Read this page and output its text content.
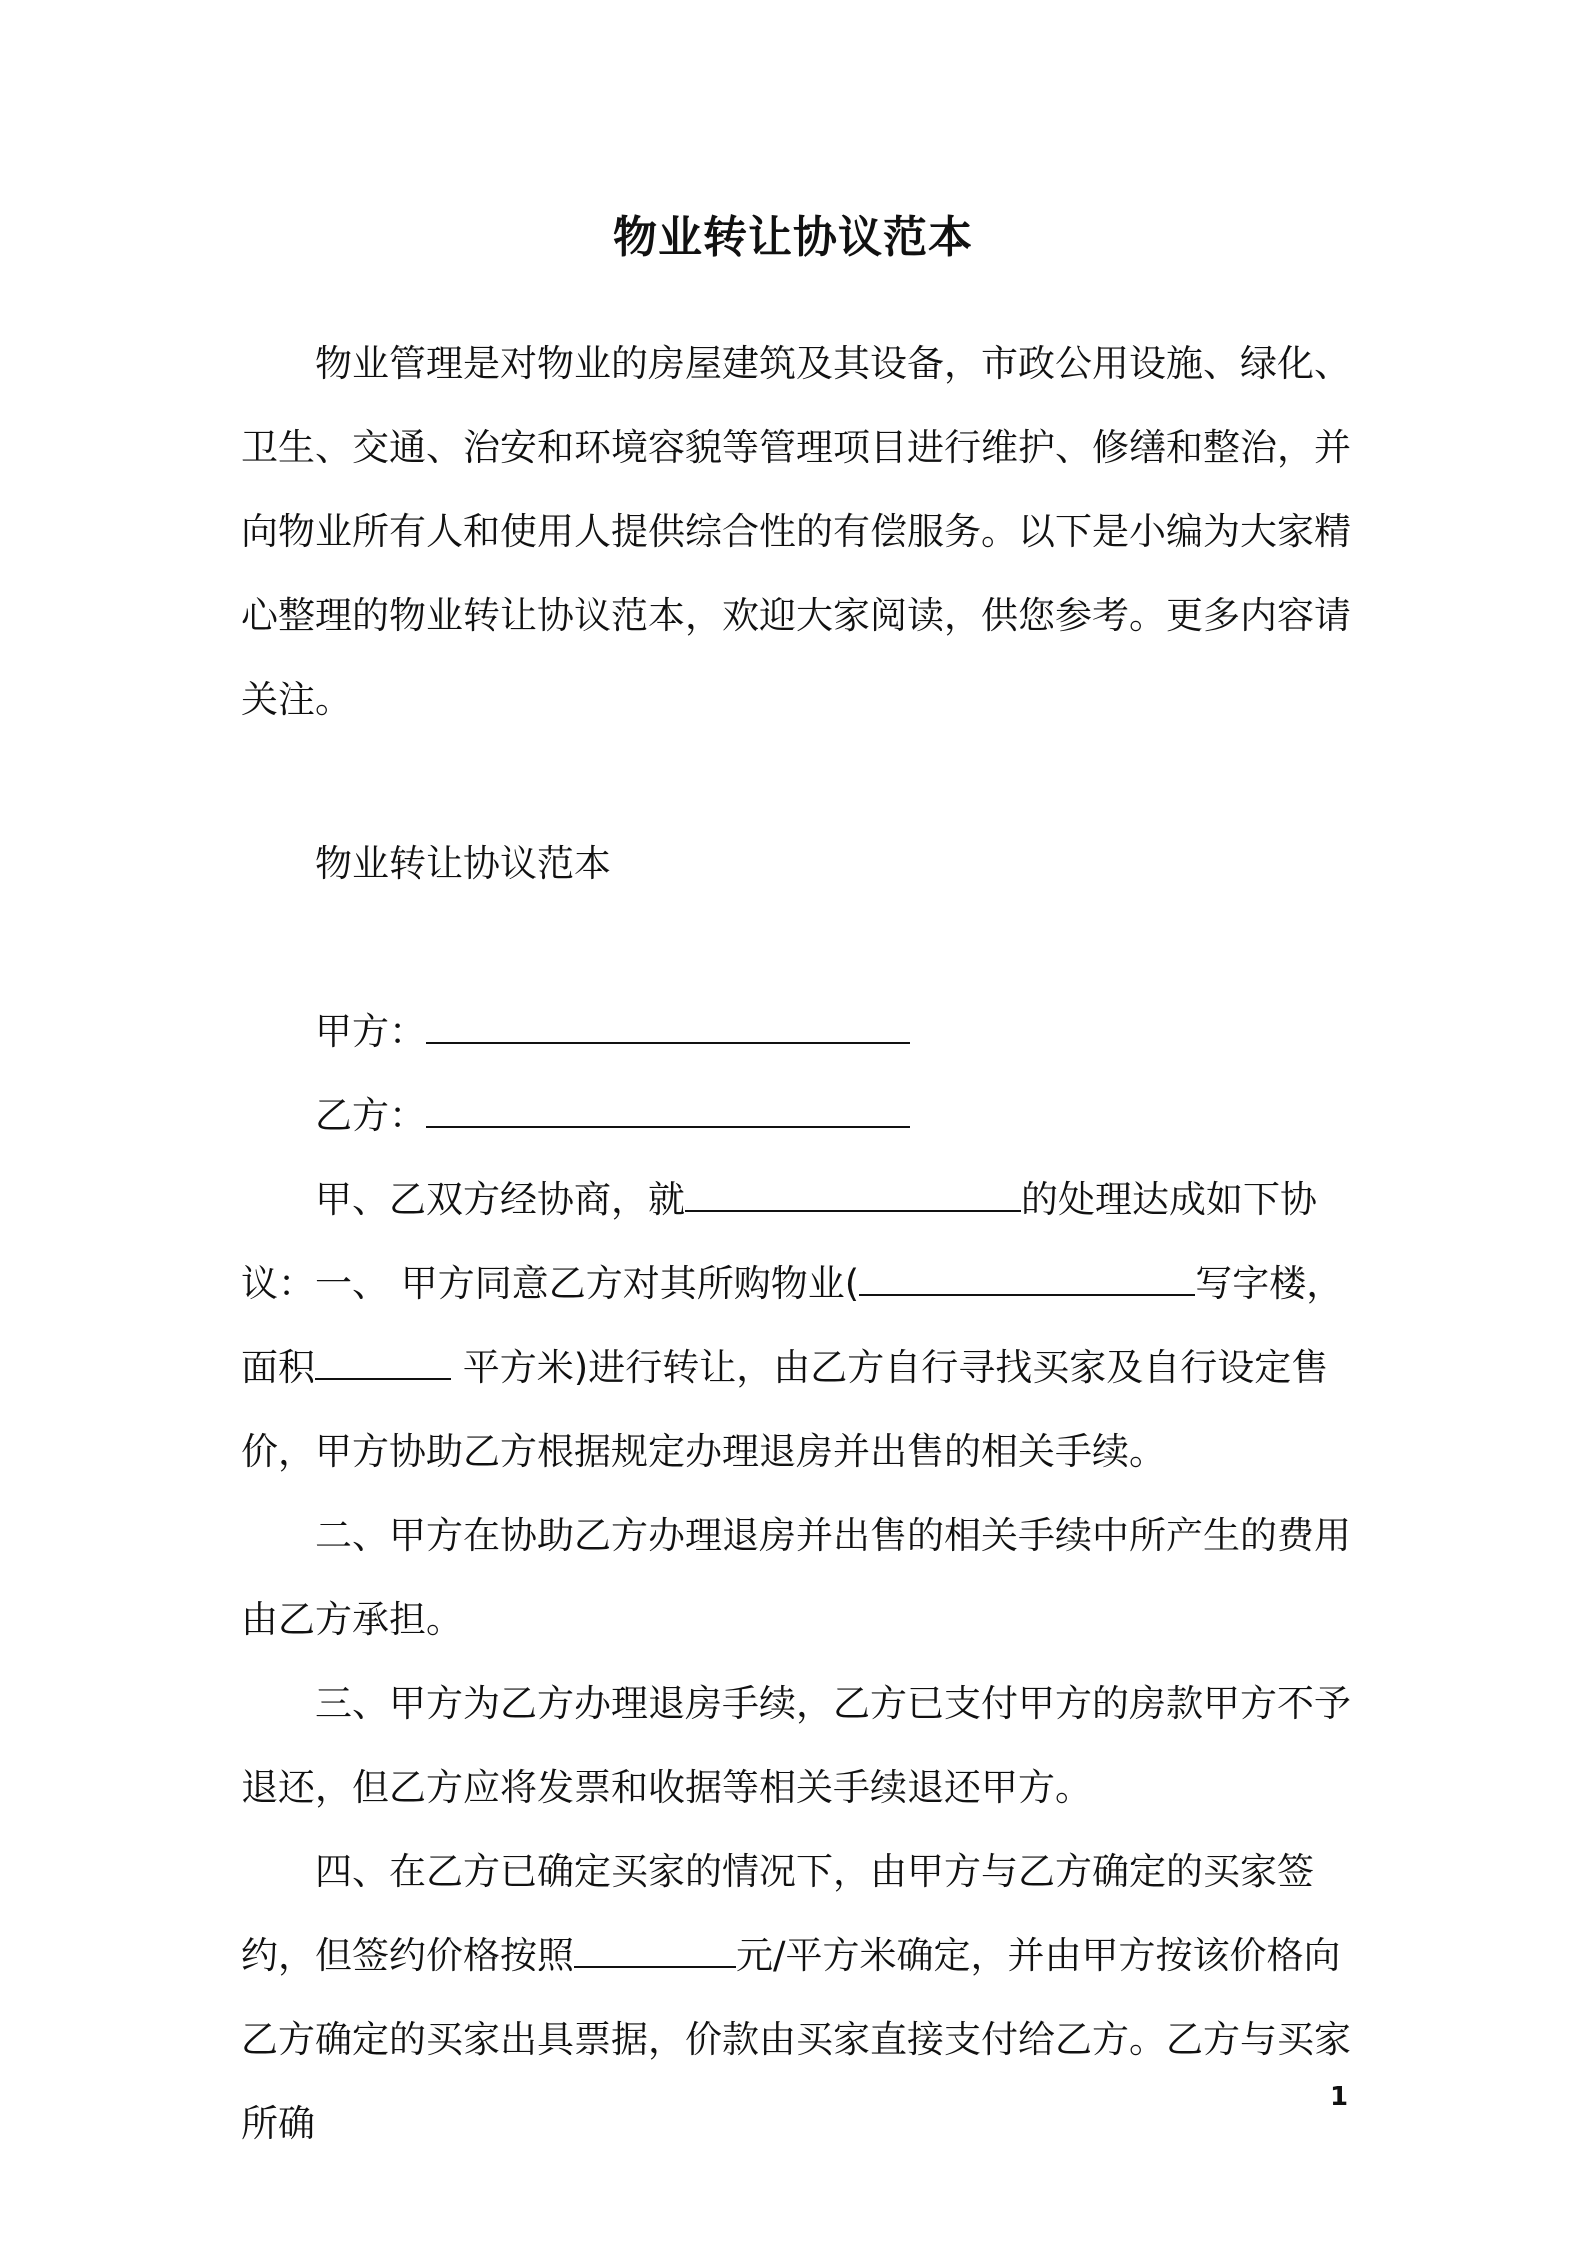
物业转让协议范本

物业管理是对物业的房屋建筑及其设备，市政公用设施、绿化、卫生、交通、治安和环境容貌等管理项目进行维护、修缮和整治，并向物业所有人和使用人提供综合性的有偿服务。以下是小编为大家精心整理的物业转让协议范本，欢迎大家阅读，供您参考。更多内容请关注。

物业转让协议范本

甲方：

乙方：

甲、乙双方经协商，就	的处理达成如下协议： 一、 甲方同意乙方对其所购物业(	写字楼，面积	平方米)进行转让，由乙方自行寻找买家及自行设定售价，甲方协助乙方根据规定办理退房并出售的相关手续。

二、甲方在协助乙方办理退房并出售的相关手续中所产生的费用由乙方承担。

三、甲方为乙方办理退房手续，乙方已支付甲方的房款甲方不予退还，但乙方应将发票和收据等相关手续退还甲方。

四、在乙方已确定买家的情况下，由甲方与乙方确定的买家签约，但签约价格按照	元/平方米确定，并由甲方按该价格向乙方确定的买家出具票据，价款由买家直接支付给乙方。乙方与买家所确

1
